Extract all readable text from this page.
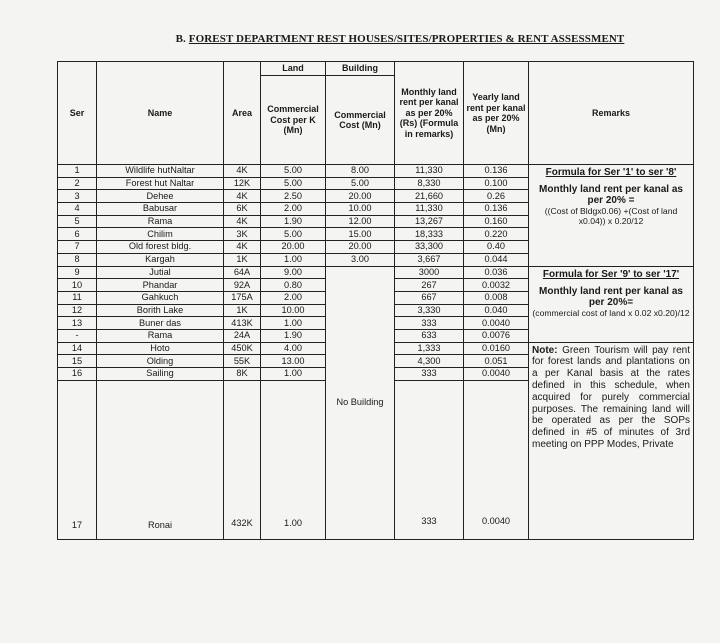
B. FOREST DEPARTMENT REST HOUSES/SITES/PROPERTIES & RENT ASSESSMENT
Ser	Name	Area	Land	Building	Monthly land rent per kanal as per 20% (Rs) (Formula in remarks)	Yearly land rent per kanal as per 20% (Mn)	Remarks
			Commercial Cost per K (Mn)	Commercial Cost (Mn)			
1	Wildlife hutNaltar	4K	5.00	8.00	11,330	0.136	Formula for Ser '1' to ser '8'
Monthly land rent per kanal as per 20% =
((Cost of Bldgx0.06) +(Cost of land x0.04)) x 0.20/12

2	Forest hut Naltar	12K	5.00	5.00	8,330	0.100	
3	Dehee	4K	2.50	20.00	21,660	0.26	
4	Babusar	6K	2.00	10.00	11,330	0.136	
5	Rama	4K	1.90	12.00	13,267	0.160	
6	Chilim	3K	5.00	15.00	18,333	0.220	
7	Old forest bldg.	4K	20.00	20.00	33,300	0.40	
8	Kargah	1K	1.00	3.00	3,667	0.044	
9	Jutial	64A	9.00	No Building	3000	0.036	Formula for Ser '9' to ser '17'
Monthly land rent per kanal as per 20%=
(commercial cost of land x 0.02 x0.20)/12

10	Phandar	92A	0.80		267	0.0032	
11	Gahkuch	175A	2.00		667	0.008	
12	Borith Lake	1K	10.00		3,330	0.040	
13	Buner das	413K	1.00		333	0.0040	
-	Rama	24A	1.90		633	0.0076	
14	Hoto	450K	4.00		1,333	0.0160	Note: Green Tourism will pay rent for forest lands and plantations on a per Kanal basis at the rates defined in this schedule, when acquired for purely commercial purposes. The remaining land will be operated as per the SOPs defined in #5 of minutes of 3rd meeting on PPP Modes, Private

15	Olding	55K	13.00		4,300	0.051	
16	Sailing	8K	1.00		333	0.0040	
17	Ronai	432K	1.00		333	0.0040	
